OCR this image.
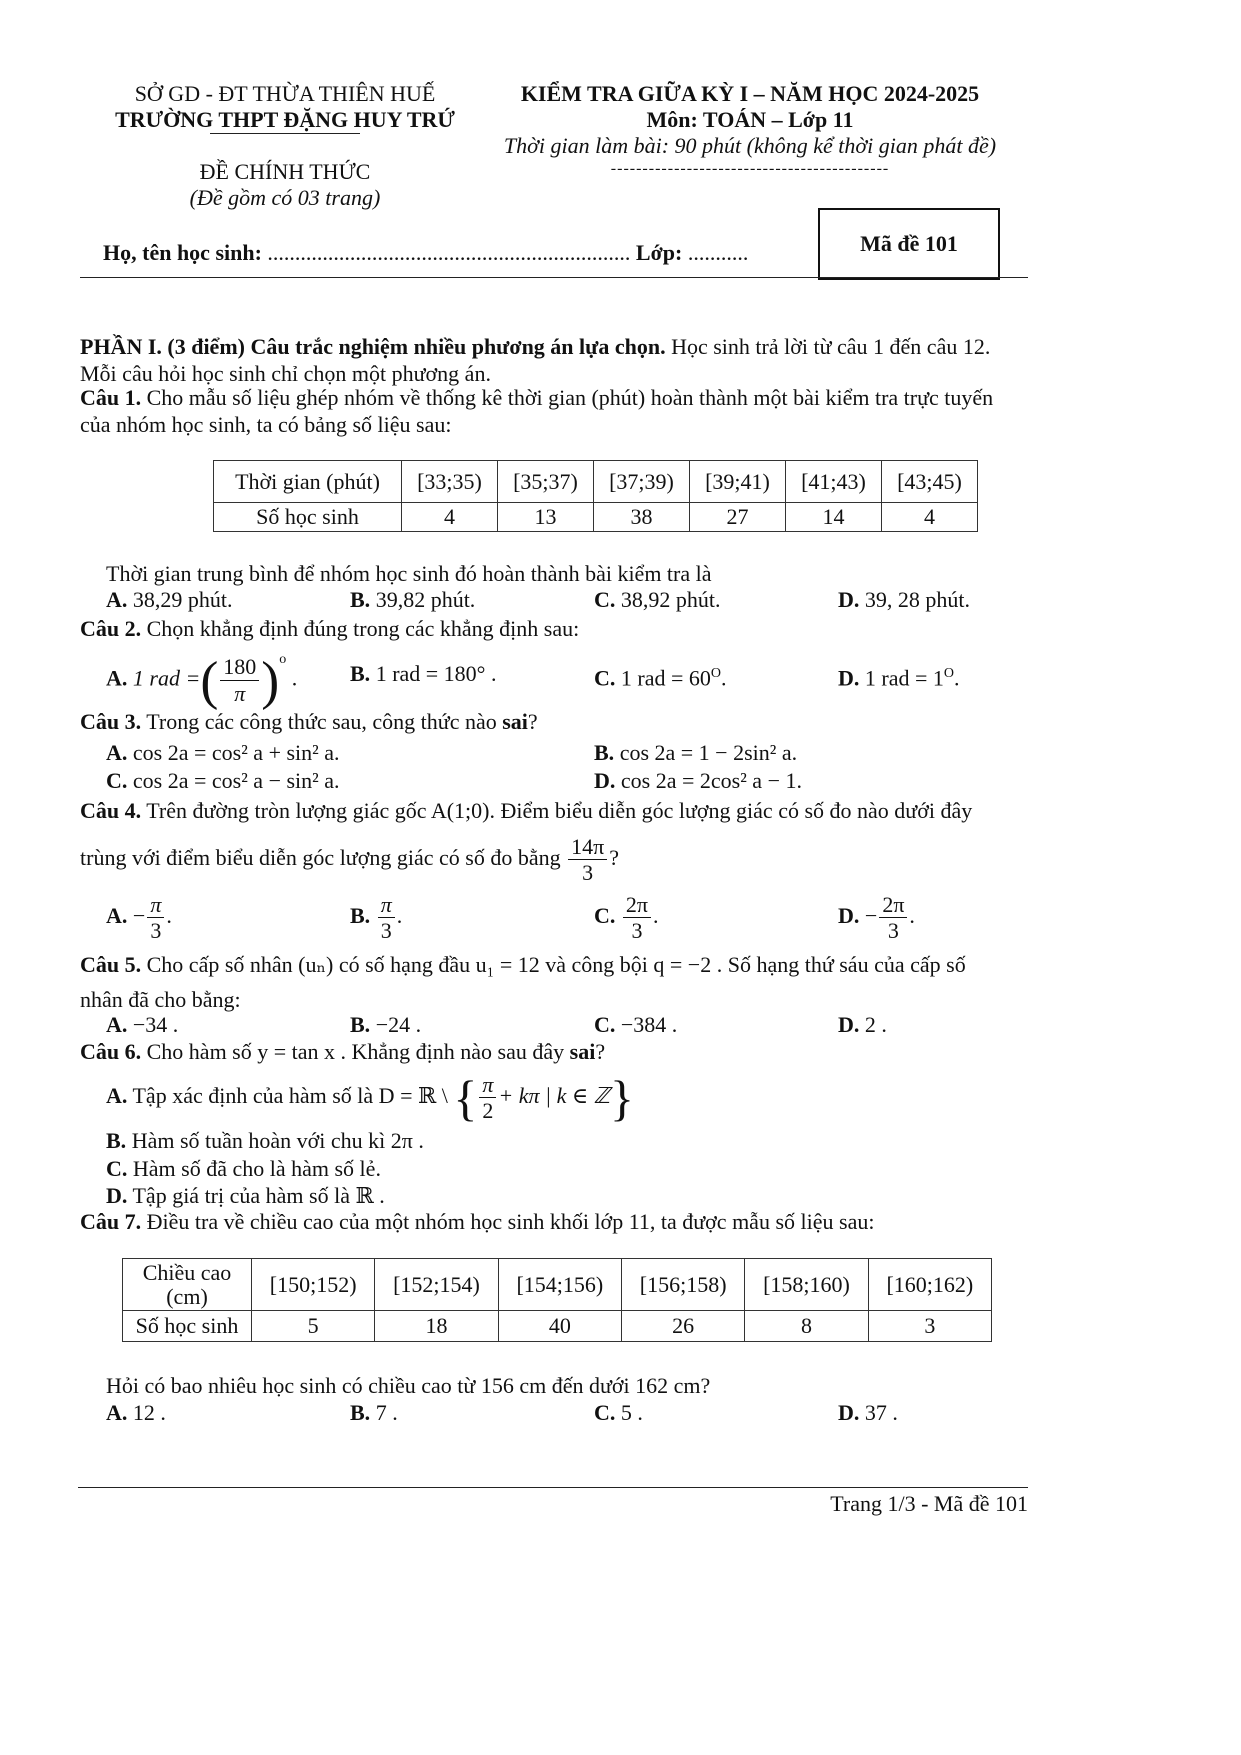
SỞ GD - ĐT THỪA THIÊN HUẾ
TRƯỜNG THPT ĐẶNG HUY TRỨ
ĐỀ CHÍNH THỨC
(Đề gồm có 03 trang)
KIỂM TRA GIỮA KỲ I – NĂM HỌC 2024-2025
Môn: TOÁN – Lớp 11
Thời gian làm bài: 90 phút (không kể thời gian phát đề)
--------------------------------------------
Họ, tên học sinh: .................................................................. Lớp: ...........	Mã đề 101
PHẦN I. (3 điểm) Câu trắc nghiệm nhiều phương án lựa chọn. Học sinh trả lời từ câu 1 đến câu 12.
Mỗi câu hỏi học sinh chỉ chọn một phương án.
Câu 1. Cho mẫu số liệu ghép nhóm về thống kê thời gian (phút) hoàn thành một bài kiểm tra trực tuyến
của nhóm học sinh, ta có bảng số liệu sau:
Thời gian (phút)	[33;35)	[35;37)	[37;39)	[39;41)	[41;43)	[43;45)
Số học sinh	4	13	38	27	14	4
Thời gian trung bình để nhóm học sinh đó hoàn thành bài kiểm tra là
A. 38,29 phút.	B. 39,82 phút.	C. 38,92 phút.	D. 39, 28 phút.
Câu 2. Chọn khẳng định đúng trong các khẳng định sau:
A. 1 rad =( $\frac{180}{\pi} )^o$ . B. 1 rad = 180° .	C. 1 rad = $60^O$.	D. 1 rad = $1^O$.
Câu 3. Trong các công thức sau, công thức nào sai?
A. cos 2a = cos² a + sin² a.	B. cos 2a = 1 − 2sin² a.
C. cos 2a = cos² a − sin² a.	D. cos 2a = 2cos² a − 1.
Câu 4. Trên đường tròn lượng giác gốc A(1;0). Điểm biểu diễn góc lượng giác có số đo nào dưới đây
trùng với điểm biểu diễn góc lượng giác có số đo bằng $\frac{14\pi}{3}$ ?
A. − $\frac{\pi}{3}$ .	B. $\frac{\pi}{3}$ .	C. $\frac{2\pi}{3}$ .	D. − $\frac{2\pi}{3}$ .
Câu 5. Cho cấp số nhân (uₙ) có số hạng đầu u₁ = 12 và công bội q = −2 . Số hạng thứ sáu của cấp số
nhân đã cho bằng:
A. −34 .	B. −24 .	C. −384 .	D. 2 .
Câu 6. Cho hàm số y = tan x . Khẳng định nào sau đây sai?
A. Tập xác định của hàm số là D = ℝ \ { $\frac{\pi}{2} + k\pi$ | k ∈ ℤ}
B. Hàm số tuần hoàn với chu kì 2π .
C. Hàm số đã cho là hàm số lẻ.
D. Tập giá trị của hàm số là ℝ .
Câu 7. Điều tra về chiều cao của một nhóm học sinh khối lớp 11, ta được mẫu số liệu sau:
Chiều cao (cm)	[150;152)	[152;154)	[154;156)	[156;158)	[158;160)	[160;162)
Số học sinh	5	18	40	26	8	3
Hỏi có bao nhiêu học sinh có chiều cao từ 156 cm đến dưới 162 cm?
A. 12 .	B. 7 .	C. 5 .	D. 37 .
Trang 1/3 - Mã đề 101
